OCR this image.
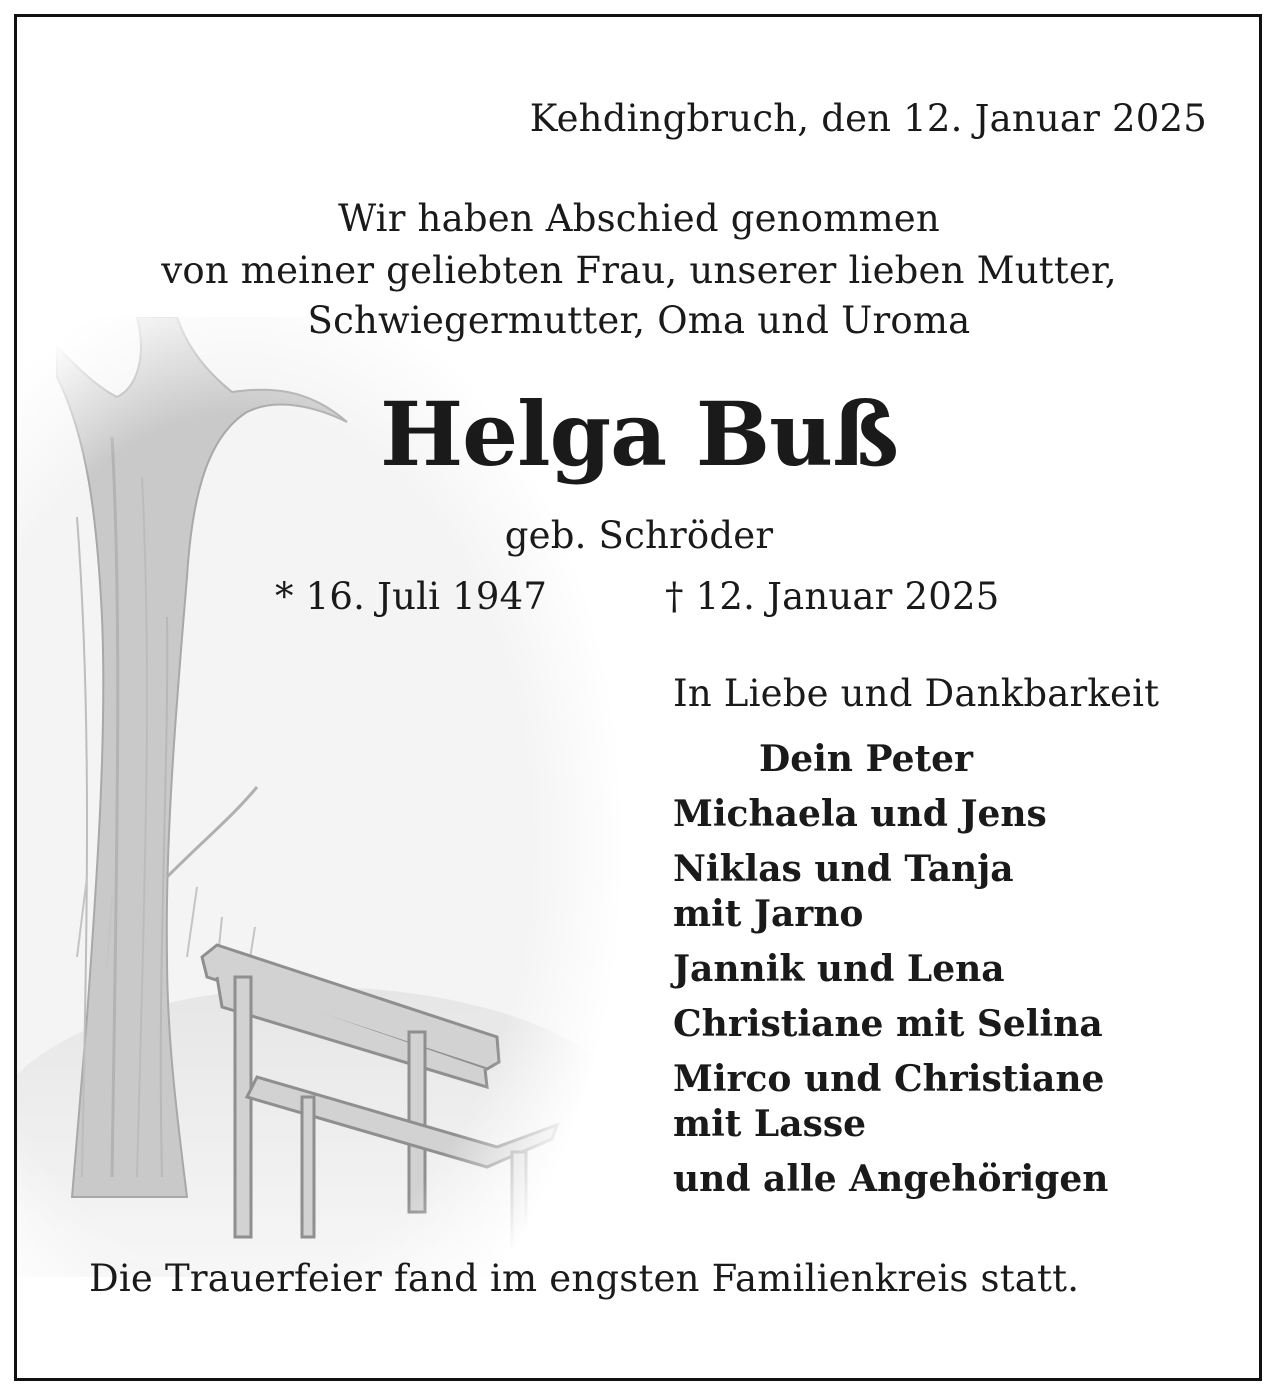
Kehdingbruch, den 12. Januar 2025
Wir haben Abschied genommen
von meiner geliebten Frau, unserer lieben Mutter,
Schwiegermutter, Oma und Uroma
Helga Buß
geb. Schröder
* 16. Juli 1947	† 12. Januar 2025
In Liebe und Dankbarkeit
Dein Peter
Michaela und Jens
Niklas und Tanja
mit Jarno
Jannik und Lena
Christiane mit Selina
Mirco und Christiane
mit Lasse
und alle Angehörigen
Die Trauerfeier fand im engsten Familienkreis statt.
